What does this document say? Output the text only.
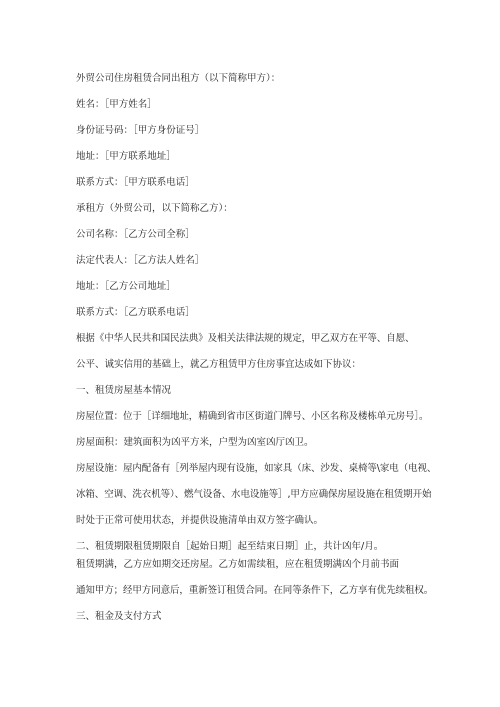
外贸公司住房租赁合同出租方（以下简称甲方）：
姓名：［甲方姓名］
身份证号码：［甲方身份证号］
地址：［甲方联系地址］
联系方式：［甲方联系电话］
承租方（外贸公司，以下简称乙方）：
公司名称：［乙方公司全称］
法定代表人：［乙方法人姓名］
地址：［乙方公司地址］
联系方式：［乙方联系电话］
根据《中华人民共和国民法典》及相关法律法规的规定，甲乙双方在平等、自愿、
公平、诚实信用的基础上，就乙方租赁甲方住房事宜达成如下协议：
一、租赁房屋基本情况
房屋位置：位于［详细地址，精确到省市区街道门牌号、小区名称及楼栋单元房号］。
房屋面积：建筑面积为凶平方米，户型为凶室凶厅凶卫。
房屋设施：屋内配备有［列举屋内现有设施，如家具（床、沙发、桌椅等\家电（电视、
冰箱、空调、洗衣机等）、燃气设备、水电设施等］,甲方应确保房屋设施在租赁期开始
时处于正常可使用状态，并提供设施清单由双方签字确认。
二、租赁期限租赁期限自［起始日期］起至结束日期］止，共计凶年/月。
租赁期满，乙方应如期交还房屋。乙方如需续租，应在租赁期满凶个月前书面
通知甲方；经甲方同意后，重新签订租赁合同。在同等条件下，乙方享有优先续租权。
三、租金及支付方式
